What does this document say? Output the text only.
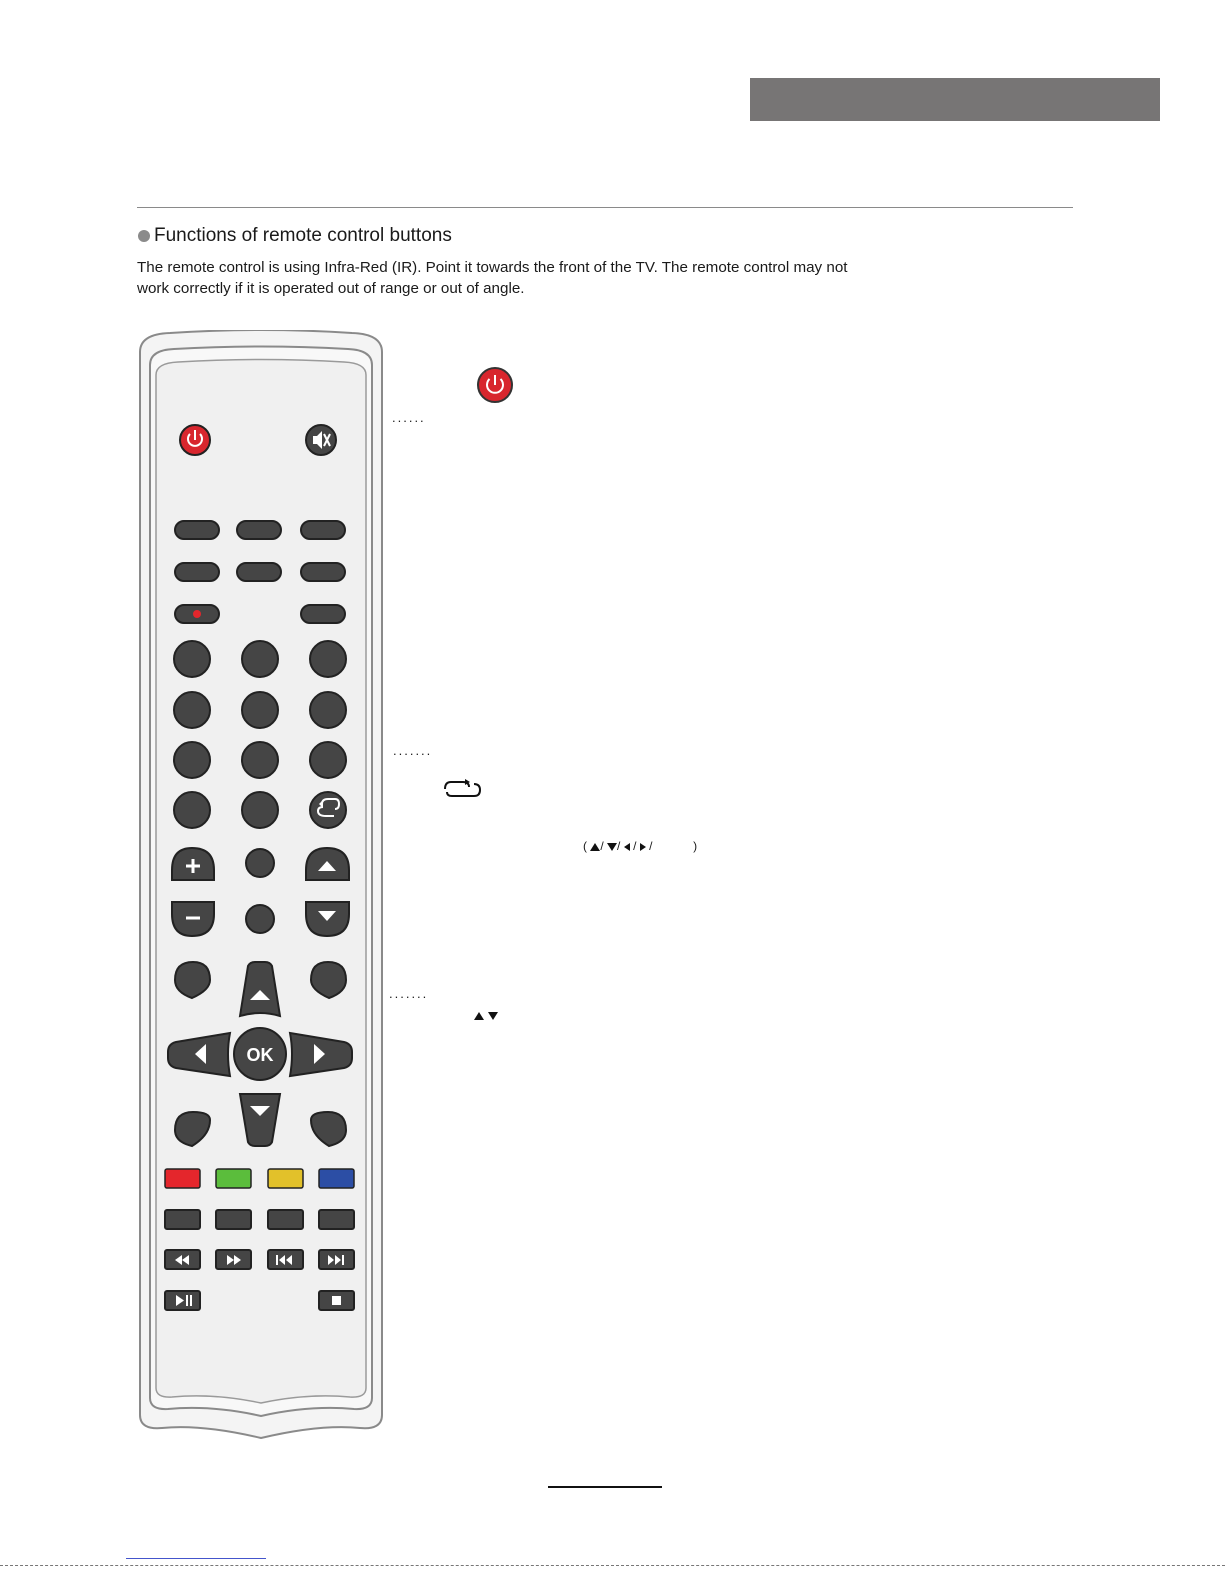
Functions of remote control buttons
The remote control is using Infra-Red (IR). Point it towards the front of the TV. The remote control may not
work correctly if it is operated out of range or out of angle.
OK
......
.......
( / / / /	)
.......
